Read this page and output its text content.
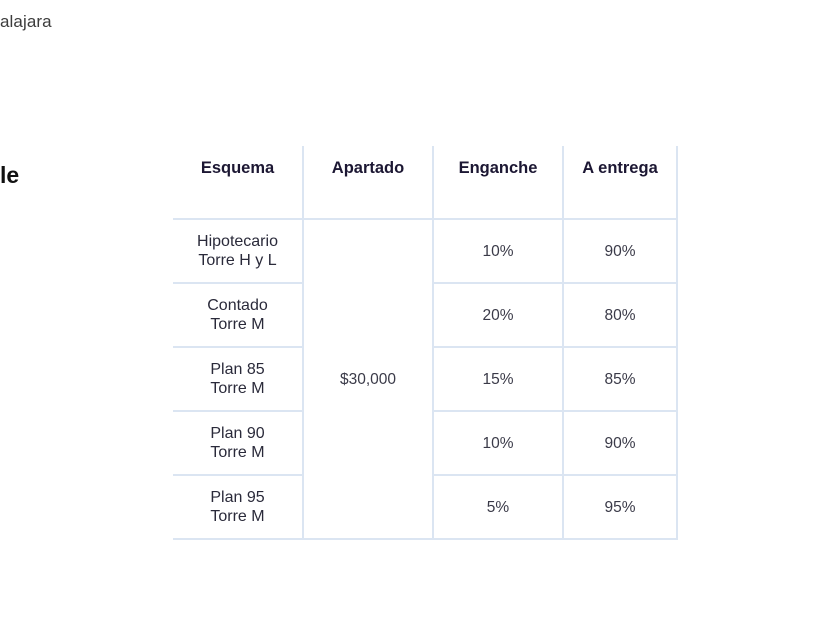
alajara
le	Esquema	Apartado	Enganche	A entrega

Hipotecario
Torre H y L	$30,000	10%	90%

Contado
Torre M		20%	80%

Plan 85
Torre M		15%	85%

Plan 90
Torre M		10%	90%

Plan 95
Torre M		5%	95%
